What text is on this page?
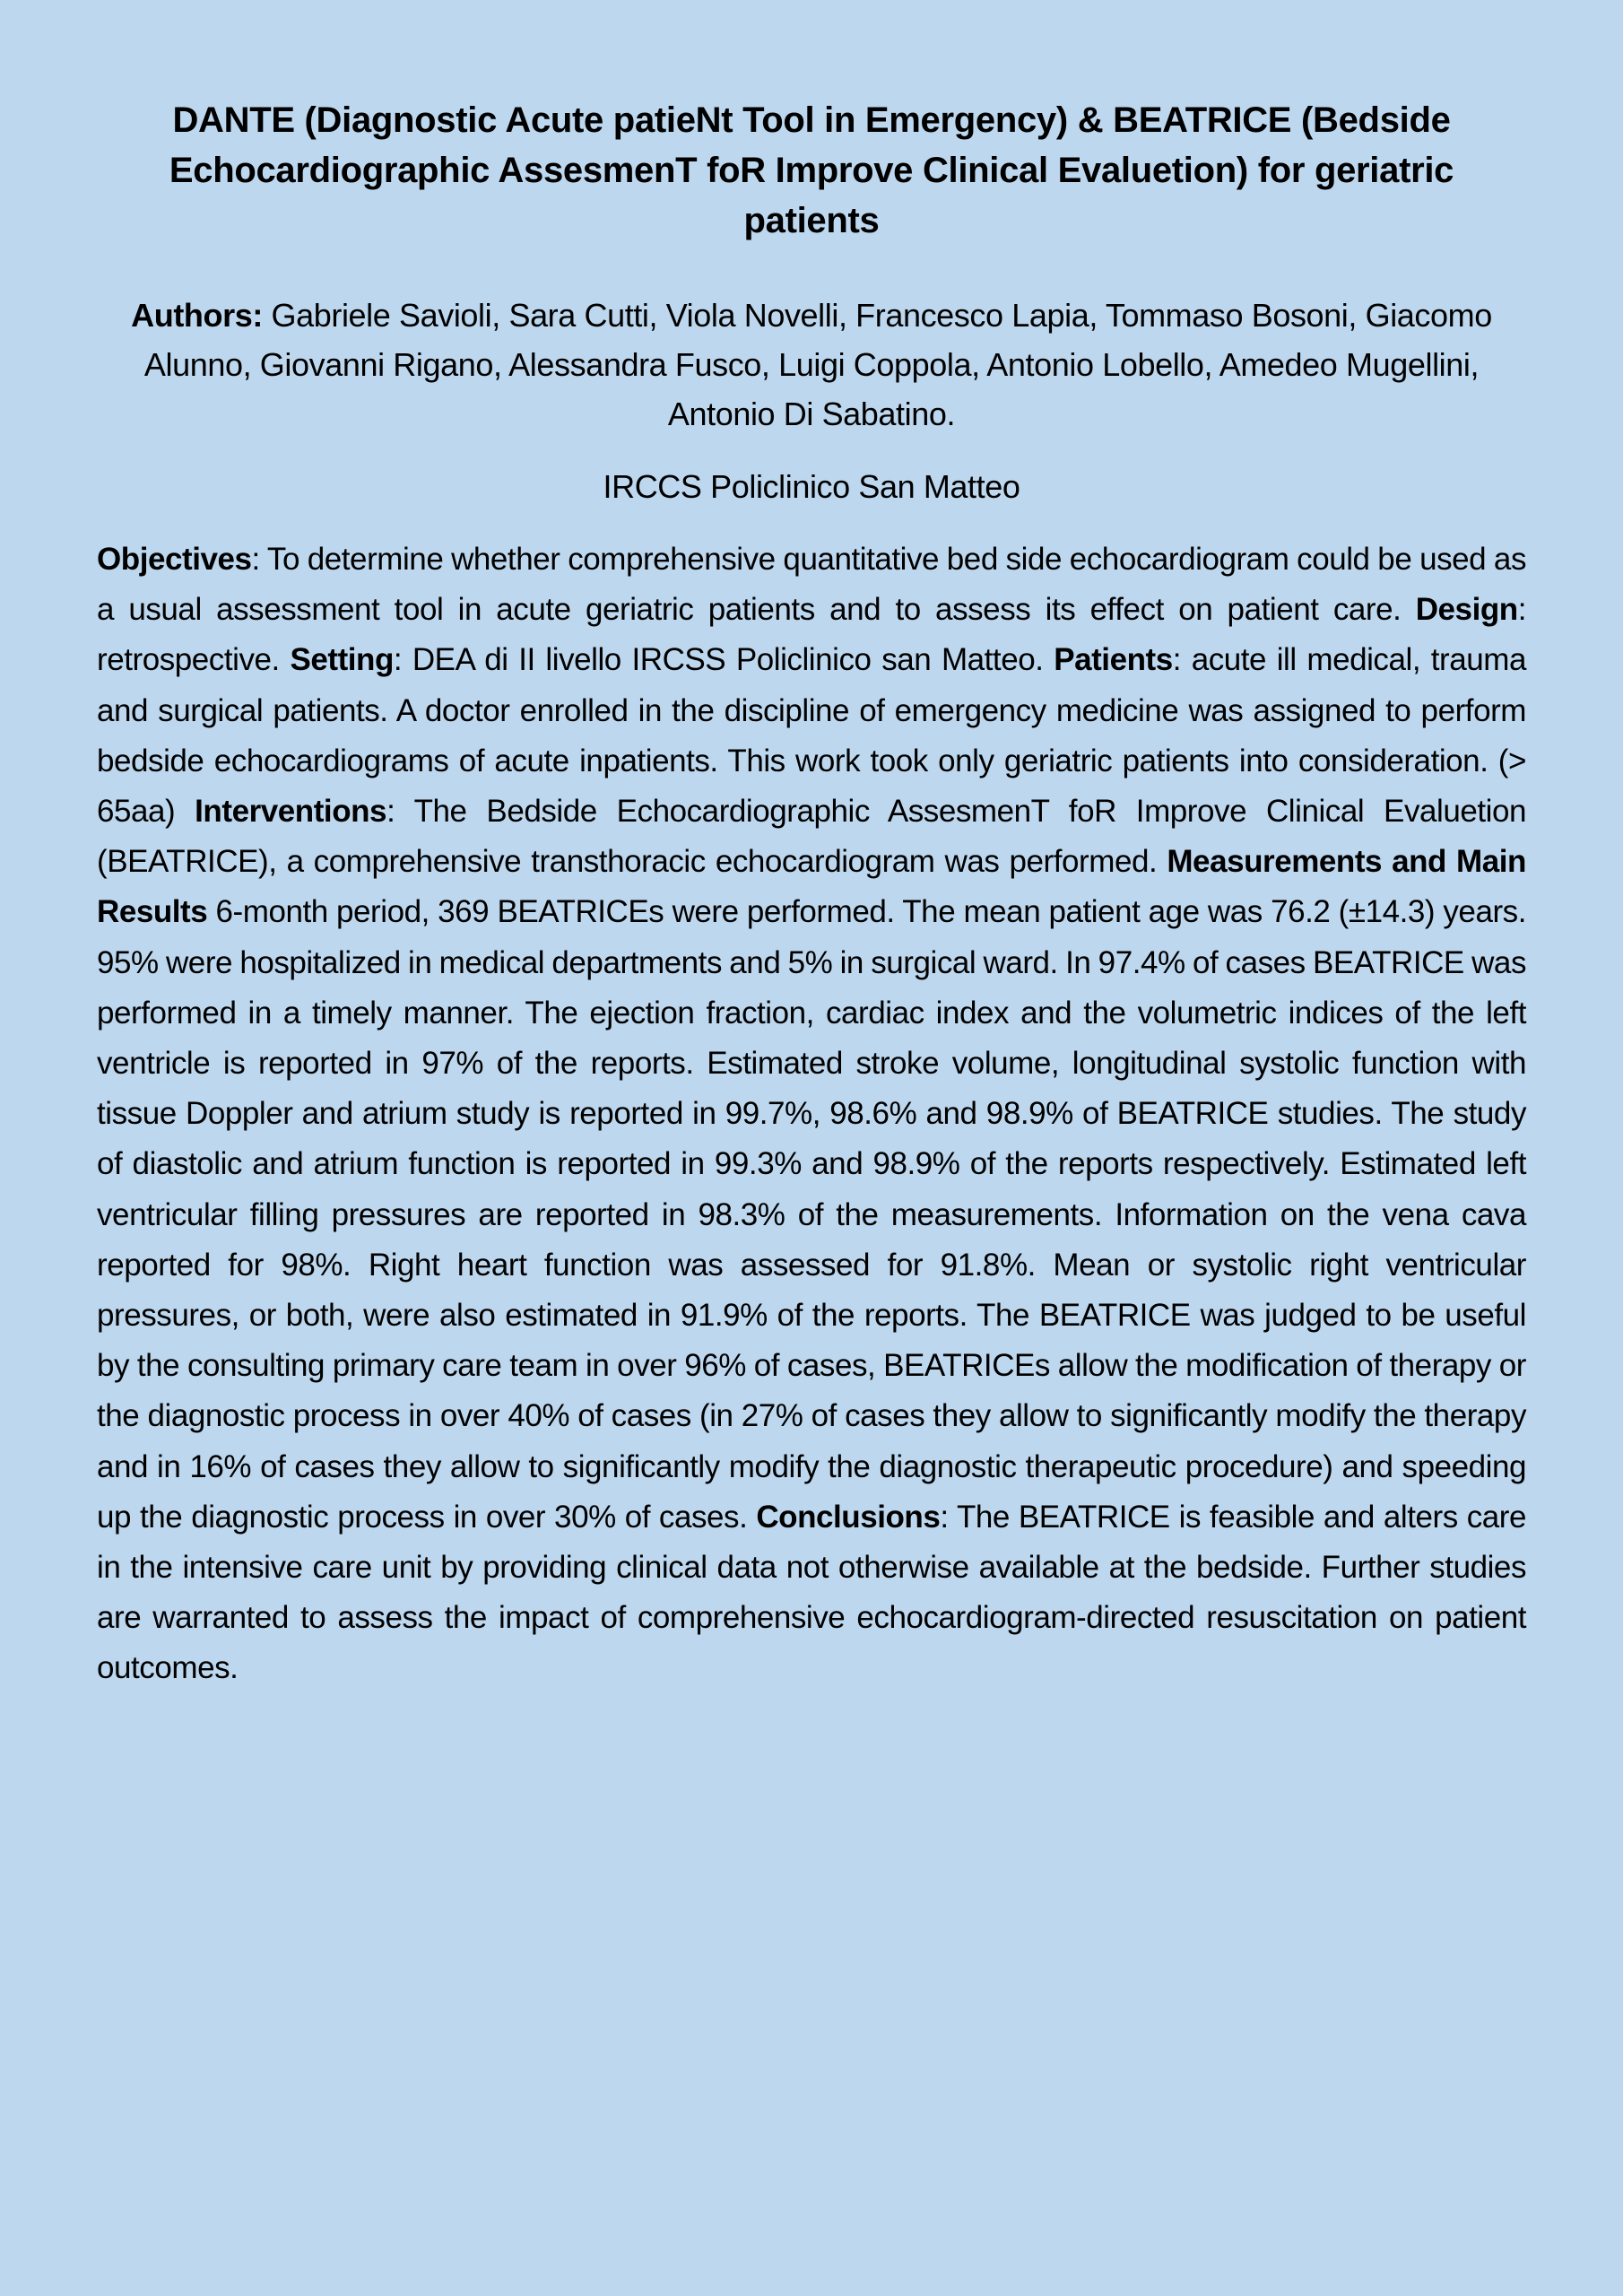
DANTE (Diagnostic Acute patieNt Tool in Emergency) & BEATRICE (Bedside Echocardiographic AssesmenT foR Improve Clinical Evaluetion) for geriatric patients

Authors: Gabriele Savioli, Sara Cutti, Viola Novelli, Francesco Lapia, Tommaso Bosoni, Giacomo Alunno, Giovanni Rigano, Alessandra Fusco, Luigi Coppola, Antonio Lobello, Amedeo Mugellini, Antonio Di Sabatino.

IRCCS Policlinico San Matteo

Objectives: To determine whether comprehensive quantitative bed side echocardiogram could be used as a usual assessment tool in acute geriatric patients and to assess its effect on patient care. Design: retrospective. Setting: DEA di II livello IRCSS Policlinico san Matteo. Patients: acute ill medical, trauma and surgical patients. A doctor enrolled in the discipline of emergency medicine was assigned to perform bedside echocardiograms of acute inpatients. This work took only geriatric patients into consideration. (> 65aa) Interventions: The Bedside Echocardiographic AssesmenT foR Improve Clinical Evaluetion (BEATRICE), a comprehensive transthoracic echocardiogram was performed. Measurements and Main Results 6-month period, 369 BEATRICEs were performed. The mean patient age was 76.2 (±14.3) years. 95% were hospitalized in medical departments and 5% in surgical ward. In 97.4% of cases BEATRICE was performed in a timely manner. The ejection fraction, cardiac index and the volumetric indices of the left ventricle is reported in 97% of the reports. Estimated stroke volume, longitudinal systolic function with tissue Doppler and atrium study is reported in 99.7%, 98.6% and 98.9% of BEATRICE studies. The study of diastolic and atrium function is reported in 99.3% and 98.9% of the reports respectively. Estimated left ventricular filling pressures are reported in 98.3% of the measurements. Information on the vena cava reported for 98%. Right heart function was assessed for 91.8%. Mean or systolic right ventricular pressures, or both, were also estimated in 91.9% of the reports. The BEATRICE was judged to be useful by the consulting primary care team in over 96% of cases, BEATRICEs allow the modification of therapy or the diagnostic process in over 40% of cases (in 27% of cases they allow to significantly modify the therapy and in 16% of cases they allow to significantly modify the diagnostic therapeutic procedure) and speeding up the diagnostic process in over 30% of cases. Conclusions: The BEATRICE is feasible and alters care in the intensive care unit by providing clinical data not otherwise available at the bedside. Further studies are warranted to assess the impact of comprehensive echocardiogram-directed resuscitation on patient outcomes.
